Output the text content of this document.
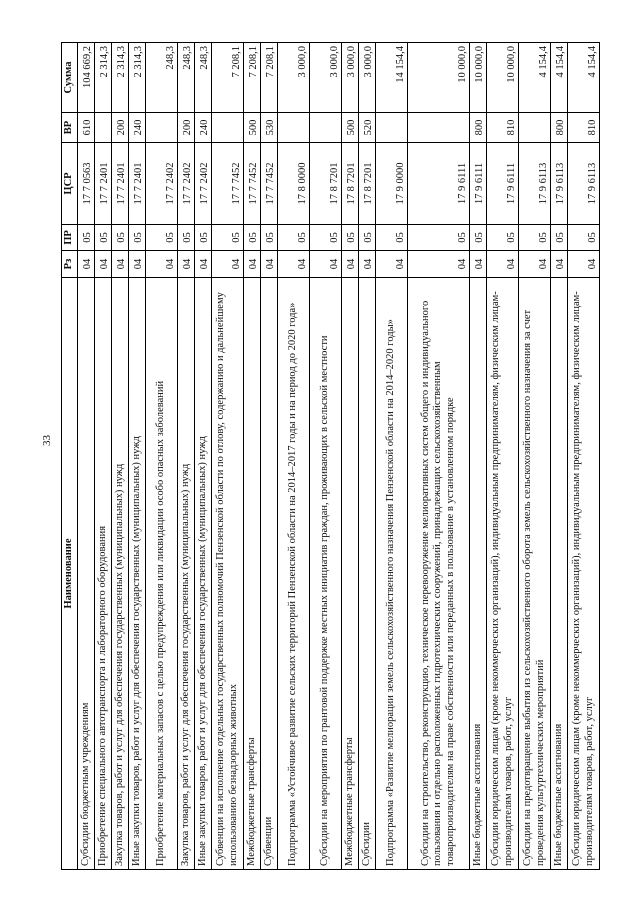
33
Наименование	Рз	ПР	ЦСР	ВР	Сумма
Субсидии бюджетным учреждениям	04	05	17 7 0563	610	104 669,2
Приобретение специального автотранспорта и лабораторного оборудования	04	05	17 7 2401		2 314,3
Закупка товаров, работ и услуг для обеспечения государственных (муниципальных) нужд	04	05	17 7 2401	200	2 314,3
Иные закупки товаров, работ и услуг для обеспечения государственных (муниципальных) нужд	04	05	17 7 2401	240	2 314,3
Приобретение материальных запасов с целью предупреждения или ликвидации особо опасных заболеваний	04	05	17 7 2402		248,3
Закупка товаров, работ и услуг для обеспечения государственных (муниципальных) нужд	04	05	17 7 2402	200	248,3
Иные закупки товаров, работ и услуг для обеспечения государственных (муниципальных) нужд	04	05	17 7 2402	240	248,3
Субвенции на исполнение отдельных государственных полномочий Пензенской области по отлову, содержанию и дальнейшему использованию безнадзорных животных	04	05	17 7 7452		7 208,1
Межбюджетные трансферты	04	05	17 7 7452	500	7 208,1
Субвенции	04	05	17 7 7452	530	7 208,1
Подпрограмма «Устойчивое развитие сельских территорий Пензенской области на 2014–2017 годы и на период до 2020 года»	04	05	17 8 0000		3 000,0
Субсидии на мероприятия по грантовой поддержке местных инициатив граждан, проживающих в сельской местности	04	05	17 8 7201		3 000,0
Межбюджетные трансферты	04	05	17 8 7201	500	3 000,0
Субсидии	04	05	17 8 7201	520	3 000,0
Подпрограмма «Развитие мелиорации земель сельскохозяйственного назначения Пензенской области на 2014–2020 годы»	04	05	17 9 0000		14 154,4
Субсидии на строительство, реконструкцию, техническое перевооружение мелиоративных систем общего и индивидуального пользования и отдельно расположенных гидротехнических сооружений, принадлежащих сельскохозяйственным товаропроизводителям на праве собственности или переданных в пользование в установленном порядке	04	05	17 9 6111		10 000,0
Иные бюджетные ассигнования	04	05	17 9 6111	800	10 000,0
Субсидии юридическим лицам (кроме некоммерческих организаций), индивидуальным предпринимателям, физическим лицам-производителям товаров, работ, услуг	04	05	17 9 6111	810	10 000,0
Субсидии на предотвращение выбытия из сельскохозяйственного оборота земель сельскохозяйственного назначения за счет проведения культуртехнических мероприятий	04	05	17 9 6113		4 154,4
Иные бюджетные ассигнования	04	05	17 9 6113	800	4 154,4
Субсидии юридическим лицам (кроме некоммерческих организаций), индивидуальным предпринимателям, физическим лицам-производителям товаров, работ, услуг	04	05	17 9 6113	810	4 154,4
